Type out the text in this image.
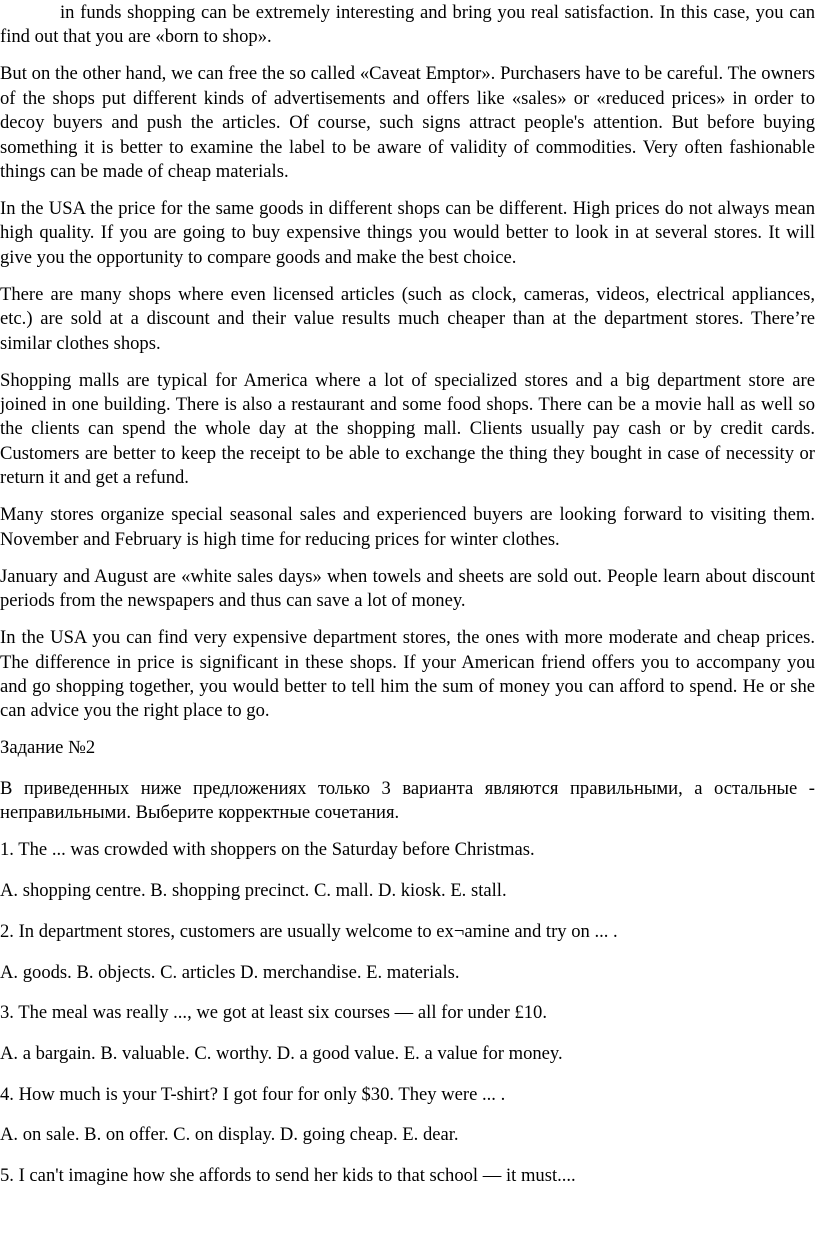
in funds shopping can be extremely interesting and bring you real satisfaction. In this case, you can find out that you are «born to shop».

But on the other hand, we can free the so called «Caveat Emptor». Purchasers have to be careful. The owners of the shops put different kinds of advertisements and offers like «sales» or «reduced prices» in order to decoy buyers and push the articles. Of course, such signs attract people's attention. But before buying something it is better to examine the label to be aware of validity of commodities. Very often fashionable things can be made of cheap materials.

In the USA the price for the same goods in different shops can be different. High prices do not always mean high quality. If you are going to buy expensive things you would better to look in at several stores. It will give you the opportunity to compare goods and make the best choice.

There are many shops where even licensed articles (such as clock, cameras, videos, electrical appliances, etc.) are sold at a discount and their value results much cheaper than at the department stores. There’re similar clothes shops.

Shopping malls are typical for America where a lot of specialized stores and a big department store are joined in one building. There is also a restaurant and some food shops. There can be a movie hall as well so the clients can spend the whole day at the shopping mall. Clients usually pay cash or by credit cards. Customers are better to keep the receipt to be able to exchange the thing they bought in case of necessity or return it and get a refund.

Many stores organize special seasonal sales and experienced buyers are looking forward to visiting them. November and February is high time for reducing prices for winter clothes.

January and August are «white sales days» when towels and sheets are sold out. People learn about discount periods from the newspapers and thus can save a lot of money.

In the USA you can find very expensive department stores, the ones with more moderate and cheap prices. The difference in price is significant in these shops. If your American friend offers you to accompany you and go shopping together, you would better to tell him the sum of money you can afford to spend. He or she can advice you the right place to go.

Задание №2

В приведенных ниже предложениях только 3 варианта являются правильными, а остальные - неправильными. Выберите корректные сочетания.

1. The ... was crowded with shoppers on the Saturday before Christmas.

A. shopping centre. B. shopping precinct. C. mall. D. kiosk. E. stall.

2. In department stores, customers are usually welcome to ex¬amine and try on ... .

A. goods. B. objects. C. articles D. merchandise. E. materials.

3. The meal was really ..., we got at least six courses — all for under £10.

A. a bargain. B. valuable. C. worthy. D. a good value. E. a value for money.

4. How much is your T-shirt? I got four for only $30. They were ... .

A. on sale. B. on offer. C. on display. D. going cheap. E. dear.

5. I can't imagine how she affords to send her kids to that school — it must....
